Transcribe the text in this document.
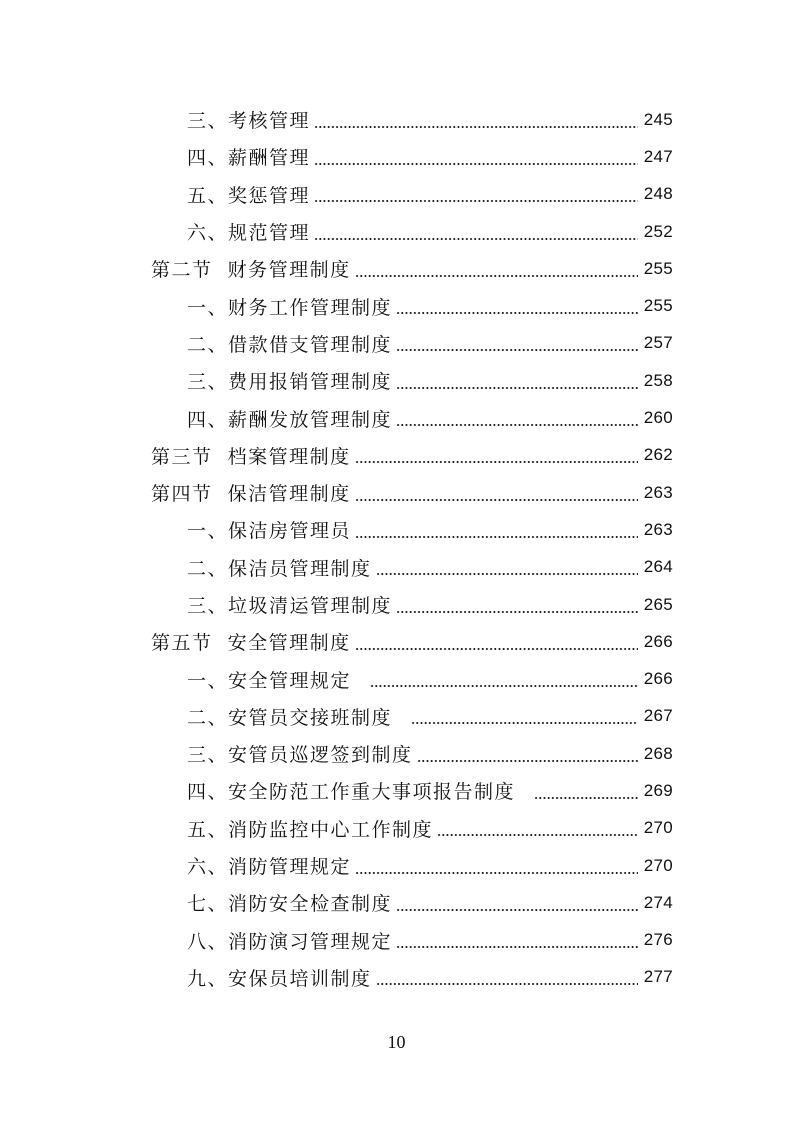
三、考核管理	245
四、薪酬管理	247
五、奖惩管理	248
六、规范管理	252
第二节  财务管理制度	255
一、财务工作管理制度	255
二、借款借支管理制度	257
三、费用报销管理制度	258
四、薪酬发放管理制度	260
第三节  档案管理制度	262
第四节  保洁管理制度	263
一、保洁房管理员	263
二、保洁员管理制度	264
三、垃圾清运管理制度	265
第五节  安全管理制度	266
一、安全管理规定	266
二、安管员交接班制度	267
三、安管员巡逻签到制度	268
四、安全防范工作重大事项报告制度	269
五、消防监控中心工作制度	270
六、消防管理规定	270
七、消防安全检查制度	274
八、消防演习管理规定	276
九、安保员培训制度	277
10
